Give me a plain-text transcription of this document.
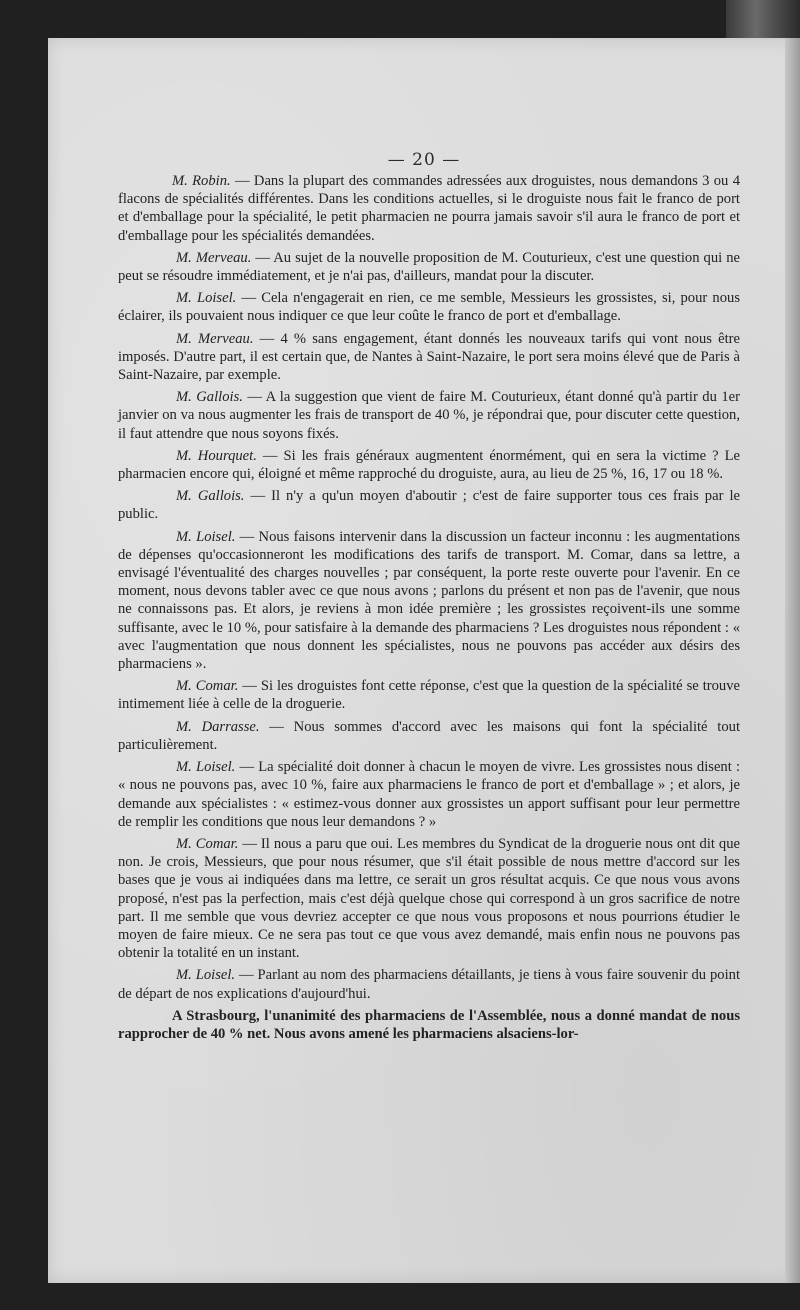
— 20 —

M. Robin. — Dans la plupart des commandes adressées aux droguistes, nous demandons 3 ou 4 flacons de spécialités différentes. Dans les conditions actuelles, si le droguiste nous fait le franco de port et d'emballage pour la spécialité, le petit pharmacien ne pourra jamais savoir s'il aura le franco de port et d'emballage pour les spécialités demandées.

M. Merveau. — Au sujet de la nouvelle proposition de M. Couturieux, c'est une question qui ne peut se résoudre immédiatement, et je n'ai pas, d'ailleurs, mandat pour la discuter.

M. Loisel. — Cela n'engagerait en rien, ce me semble, Messieurs les grossistes, si, pour nous éclairer, ils pouvaient nous indiquer ce que leur coûte le franco de port et d'emballage.

M. Merveau. — 4 % sans engagement, étant donnés les nouveaux tarifs qui vont nous être imposés. D'autre part, il est certain que, de Nantes à Saint-Nazaire, le port sera moins élevé que de Paris à Saint-Nazaire, par exemple.

M. Gallois. — A la suggestion que vient de faire M. Couturieux, étant donné qu'à partir du 1er janvier on va nous augmenter les frais de transport de 40 %, je répondrai que, pour discuter cette question, il faut attendre que nous soyons fixés.

M. Hourquet. — Si les frais généraux augmentent énormément, qui en sera la victime ? Le pharmacien encore qui, éloigné et même rapproché du droguiste, aura, au lieu de 25 %, 16, 17 ou 18 %.

M. Gallois. — Il n'y a qu'un moyen d'aboutir ; c'est de faire supporter tous ces frais par le public.

M. Loisel. — Nous faisons intervenir dans la discussion un facteur inconnu : les augmentations de dépenses qu'occasionneront les modifications des tarifs de transport. M. Comar, dans sa lettre, a envisagé l'éventualité des charges nouvelles ; par conséquent, la porte reste ouverte pour l'avenir. En ce moment, nous devons tabler avec ce que nous avons ; parlons du présent et non pas de l'avenir, que nous ne connaissons pas. Et alors, je reviens à mon idée première ; les grossistes reçoivent-ils une somme suffisante, avec le 10 %, pour satisfaire à la demande des pharmaciens ? Les droguistes nous répondent : « avec l'augmentation que nous donnent les spécialistes, nous ne pouvons pas accéder aux désirs des pharmaciens ».

M. Comar. — Si les droguistes font cette réponse, c'est que la question de la spécialité se trouve intimement liée à celle de la droguerie.

M. Darrasse. — Nous sommes d'accord avec les maisons qui font la spécialité tout particulièrement.

M. Loisel. — La spécialité doit donner à chacun le moyen de vivre. Les grossistes nous disent : « nous ne pouvons pas, avec 10 %, faire aux pharmaciens le franco de port et d'emballage » ; et alors, je demande aux spécialistes : « estimez-vous donner aux grossistes un apport suffisant pour leur permettre de remplir les conditions que nous leur demandons ? »

M. Comar. — Il nous a paru que oui. Les membres du Syndicat de la droguerie nous ont dit que non. Je crois, Messieurs, que pour nous résumer, que s'il était possible de nous mettre d'accord sur les bases que je vous ai indiquées dans ma lettre, ce serait un gros résultat acquis. Ce que nous vous avons proposé, n'est pas la perfection, mais c'est déjà quelque chose qui correspond à un gros sacrifice de notre part. Il me semble que vous devriez accepter ce que nous vous proposons et nous pourrions étudier le moyen de faire mieux. Ce ne sera pas tout ce que vous avez demandé, mais enfin nous ne pouvons pas obtenir la totalité en un instant.

M. Loisel. — Parlant au nom des pharmaciens détaillants, je tiens à vous faire souvenir du point de départ de nos explications d'aujourd'hui.

A Strasbourg, l'unanimité des pharmaciens de l'Assemblée, nous a donné mandat de nous rapprocher de 40 % net. Nous avons amené les pharmaciens alsaciens-lor-
